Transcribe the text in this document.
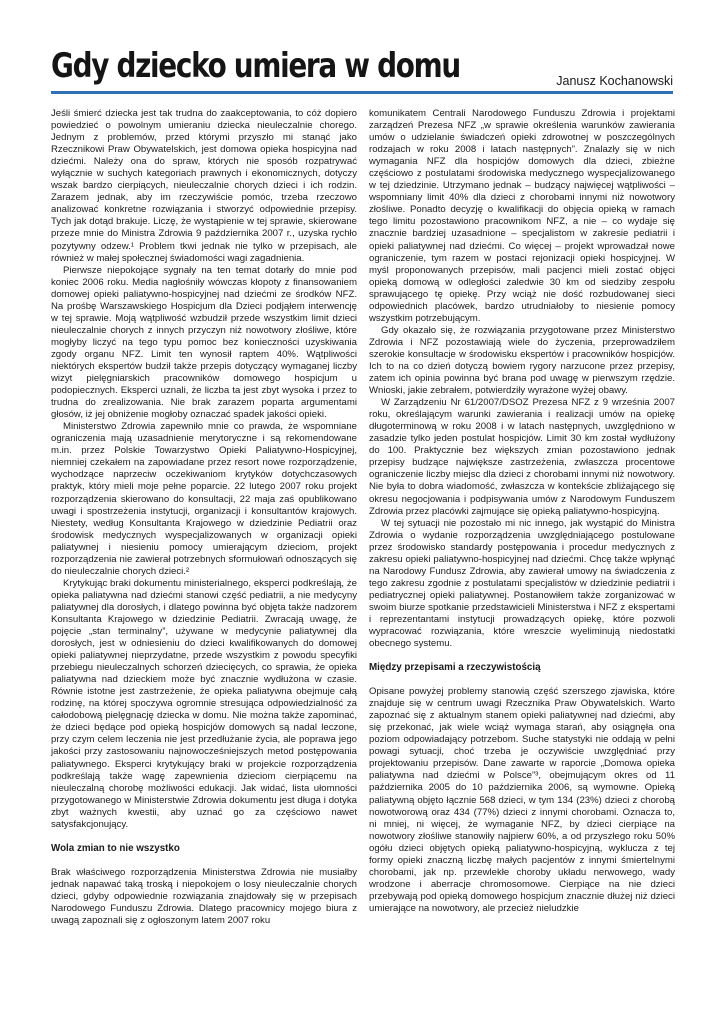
Gdy dziecko umiera w domu	Janusz Kochanowski

Jeśli śmierć dziecka jest tak trudna do zaakceptowania, to cóż dopiero powiedzieć o powolnym umieraniu dziecka nieuleczalnie chorego. Jednym z problemów, przed którymi przyszło mi stanąć jako Rzecznikowi Praw Obywatelskich, jest domowa opieka hospicyjna nad dziećmi. Należy ona do spraw, których nie sposób rozpatrywać wyłącznie w suchych kategoriach prawnych i ekonomicznych, dotyczy wszak bardzo cierpiących, nieuleczalnie chorych dzieci i ich rodzin. Zarazem jednak, aby im rzeczywiście pomóc, trzeba rzeczowo analizować konkretne rozwiązania i stworzyć odpowiednie przepisy. Tych jak dotąd brakuje. Liczę, że wystąpienie w tej sprawie, skierowane przeze mnie do Ministra Zdrowia 9 października 2007 r., uzyska rychło pozytywny odzew.¹ Problem tkwi jednak nie tylko w przepisach, ale również w małej społecznej świadomości wagi zagadnienia.

Pierwsze niepokojące sygnały na ten temat dotarły do mnie pod koniec 2006 roku. Media nagłośniły wówczas kłopoty z finansowaniem domowej opieki paliatywno-hospicyjnej nad dziećmi ze środków NFZ. Na prośbę Warszawskiego Hospicjum dla Dzieci podjąłem interwencję w tej sprawie. Moją wątpliwość wzbudził przede wszystkim limit dzieci nieuleczalnie chorych z innych przyczyn niż nowotwory złośliwe, które mogłyby liczyć na tego typu pomoc bez konieczności uzyskiwania zgody organu NFZ. Limit ten wynosił raptem 40%. Wątpliwości niektórych ekspertów budził także przepis dotyczący wymaganej liczby wizyt pielęgniarskich pracowników domowego hospicjum u podopiecznych. Eksperci uznali, że liczba ta jest zbyt wysoka i przez to trudna do zrealizowania. Nie brak zarazem poparta argumentami głosów, iż jej obniżenie mogłoby oznaczać spadek jakości opieki.

Ministerstwo Zdrowia zapewniło mnie co prawda, że wspomniane ograniczenia mają uzasadnienie merytoryczne i są rekomendowane m.in. przez Polskie Towarzystwo Opieki Paliatywno-Hospicyjnej, niemniej czekałem na zapowiadane przez resort nowe rozporządzenie, wychodzące naprzeciw oczekiwaniom krytyków dotychczasowych praktyk, który mieli moje pełne poparcie. 22 lutego 2007 roku projekt rozporządzenia skierowano do konsultacji, 22 maja zaś opublikowano uwagi i spostrzeżenia instytucji, organizacji i konsultantów krajowych. Niestety, według Konsultanta Krajowego w dziedzinie Pediatrii oraz środowisk medycznych wyspecjalizowanych w organizacji opieki paliatywnej i niesieniu pomocy umierającym dzieciom, projekt rozporządzenia nie zawierał potrzebnych sformułowań odnoszących się do nieuleczalnie chorych dzieci.²

Krytykując braki dokumentu ministerialnego, eksperci podkreślają, że opieka paliatywna nad dziećmi stanowi część pediatrii, a nie medycyny paliatywnej dla dorosłych, i dlatego powinna być objęta także nadzorem Konsultanta Krajowego w dziedzinie Pediatrii. Zwracają uwagę, że pojęcie „stan terminalny”, używane w medycynie paliatywnej dla dorosłych, jest w odniesieniu do dzieci kwalifikowanych do domowej opieki paliatywnej nieprzydatne, przede wszystkim z powodu specyfiki przebiegu nieuleczalnych schorzeń dziecięcych, co sprawia, że opieka paliatywna nad dzieckiem może być znacznie wydłużona w czasie. Równie istotne jest zastrzeżenie, że opieka paliatywna obejmuje całą rodzinę, na której spoczywa ogromnie stresująca odpowiedzialność za całodobową pielęgnację dziecka w domu. Nie można także zapominać, że dzieci będące pod opieką hospicjów domowych są nadal leczone, przy czym celem leczenia nie jest przedłużanie życia, ale poprawa jego jakości przy zastosowaniu najnowocześniejszych metod postępowania paliatywnego. Eksperci krytykujący braki w projekcie rozporządzenia podkreślają także wagę zapewnienia dzieciom cierpiącemu na nieuleczalną chorobę możliwości edukacji. Jak widać, lista ułomności przygotowanego w Ministerstwie Zdrowia dokumentu jest długa i dotyka zbyt ważnych kwestii, aby uznać go za częściowo nawet satysfakcjonujący.

Wola zmian to nie wszystko

Brak właściwego rozporządzenia Ministerstwa Zdrowia nie musiałby jednak napawać taką troską i niepokojem o losy nieuleczalnie chorych dzieci, gdyby odpowiednie rozwiązania znajdowały się w przepisach Narodowego Funduszu Zdrowia. Dlatego pracownicy mojego biura z uwagą zapoznali się z ogłoszonym latem 2007 roku

komunikatem Centrali Narodowego Funduszu Zdrowia i projektami zarządzeń Prezesa NFZ „w sprawie określenia warunków zawierania umów o udzielanie świadczeń opieki zdrowotnej w poszczególnych rodzajach w roku 2008 i latach następnych”. Znalazły się w nich wymagania NFZ dla hospicjów domowych dla dzieci, zbieżne częściowo z postulatami środowiska medycznego wyspecjalizowanego w tej dziedzinie. Utrzymano jednak – budzący najwięcej wątpliwości – wspomniany limit 40% dla dzieci z chorobami innymi niż nowotwory złośliwe. Ponadto decyzję o kwalifikacji do objęcia opieką w ramach tego limitu pozostawiono pracownikom NFZ, a nie – co wydaje się znacznie bardziej uzasadnione – specjalistom w zakresie pediatrii i opieki paliatywnej nad dziećmi. Co więcej – projekt wprowadzał nowe ograniczenie, tym razem w postaci rejonizacji opieki hospicyjnej. W myśl proponowanych przepisów, mali pacjenci mieli zostać objęci opieką domową w odległości zaledwie 30 km od siedziby zespołu sprawującego tę opiekę. Przy wciąż nie dość rozbudowanej sieci odpowiednich placówek, bardzo utrudniałoby to niesienie pomocy wszystkim potrzebującym.

Gdy okazało się, że rozwiązania przygotowane przez Ministerstwo Zdrowia i NFZ pozostawiają wiele do życzenia, przeprowadziłem szerokie konsultacje w środowisku ekspertów i pracowników hospicjów. Ich to na co dzień dotyczą bowiem rygory narzucone przez przepisy, zatem ich opinia powinna być brana pod uwagę w pierwszym rzędzie. Wnioski, jakie zebrałem, potwierdziły wyrażone wyżej obawy.

W Zarządzeniu Nr 61/2007/DSOZ Prezesa NFZ z 9 września 2007 roku, określającym warunki zawierania i realizacji umów na opiekę długoterminową w roku 2008 i w latach następnych, uwzględniono w zasadzie tylko jeden postulat hospicjów. Limit 30 km został wydłużony do 100. Praktycznie bez większych zmian pozostawiono jednak przepisy budzące największe zastrzeżenia, zwłaszcza procentowe ograniczenie liczby miejsc dla dzieci z chorobami innymi niż nowotwory. Nie była to dobra wiadomość, zwłaszcza w kontekście zbliżającego się okresu negocjowania i podpisywania umów z Narodowym Funduszem Zdrowia przez placówki zajmujące się opieką paliatywno-hospicyjną.

W tej sytuacji nie pozostało mi nic innego, jak wystąpić do Ministra Zdrowia o wydanie rozporządzenia uwzględniającego postulowane przez środowisko standardy postępowania i procedur medycznych z zakresu opieki paliatywno-hospicyjnej nad dziećmi. Chcę także wpłynąć na Narodowy Fundusz Zdrowia, aby zawierał umowy na świadczenia z tego zakresu zgodnie z postulatami specjalistów w dziedzinie pediatrii i pediatrycznej opieki paliatywnej. Postanowiłem także zorganizować w swoim biurze spotkanie przedstawicieli Ministerstwa i NFZ z ekspertami i reprezentantami instytucji prowadzących opiekę, które pozwoli wypracować rozwiązania, które wreszcie wyeliminują niedostatki obecnego systemu.

Między przepisami a rzeczywistością

Opisane powyżej problemy stanowią część szerszego zjawiska, które znajduje się w centrum uwagi Rzecznika Praw Obywatelskich. Warto zapoznać się z aktualnym stanem opieki paliatywnej nad dziećmi, aby się przekonać, jak wiele wciąż wymaga starań, aby osiągnęła ona poziom odpowiadający potrzebom. Suche statystyki nie oddają w pełni powagi sytuacji, choć trzeba je oczywiście uwzględniać przy projektowaniu przepisów. Dane zawarte w raporcie „Domowa opieka paliatywna nad dziećmi w Polsce”³, obejmującym okres od 11 października 2005 do 10 października 2006, są wymowne. Opieką paliatywną objęto łącznie 568 dzieci, w tym 134 (23%) dzieci z chorobą nowotworową oraz 434 (77%) dzieci z innymi chorobami. Oznacza to, ni mniej, ni więcej, że wymaganie NFZ, by dzieci cierpiące na nowotwory złośliwe stanowiły najpierw 60%, a od przyszłego roku 50% ogółu dzieci objętych opieką paliatywno-hospicyjną, wyklucza z tej formy opieki znaczną liczbę małych pacjentów z innymi śmiertelnymi chorobami, jak np. przewlekłe choroby układu nerwowego, wady wrodzone i aberracje chromosomowe. Cierpiące na nie dzieci przebywają pod opieką domowego hospicjum znacznie dłużej niż dzieci umierające na nowotwory, ale przecież nieludzkie
